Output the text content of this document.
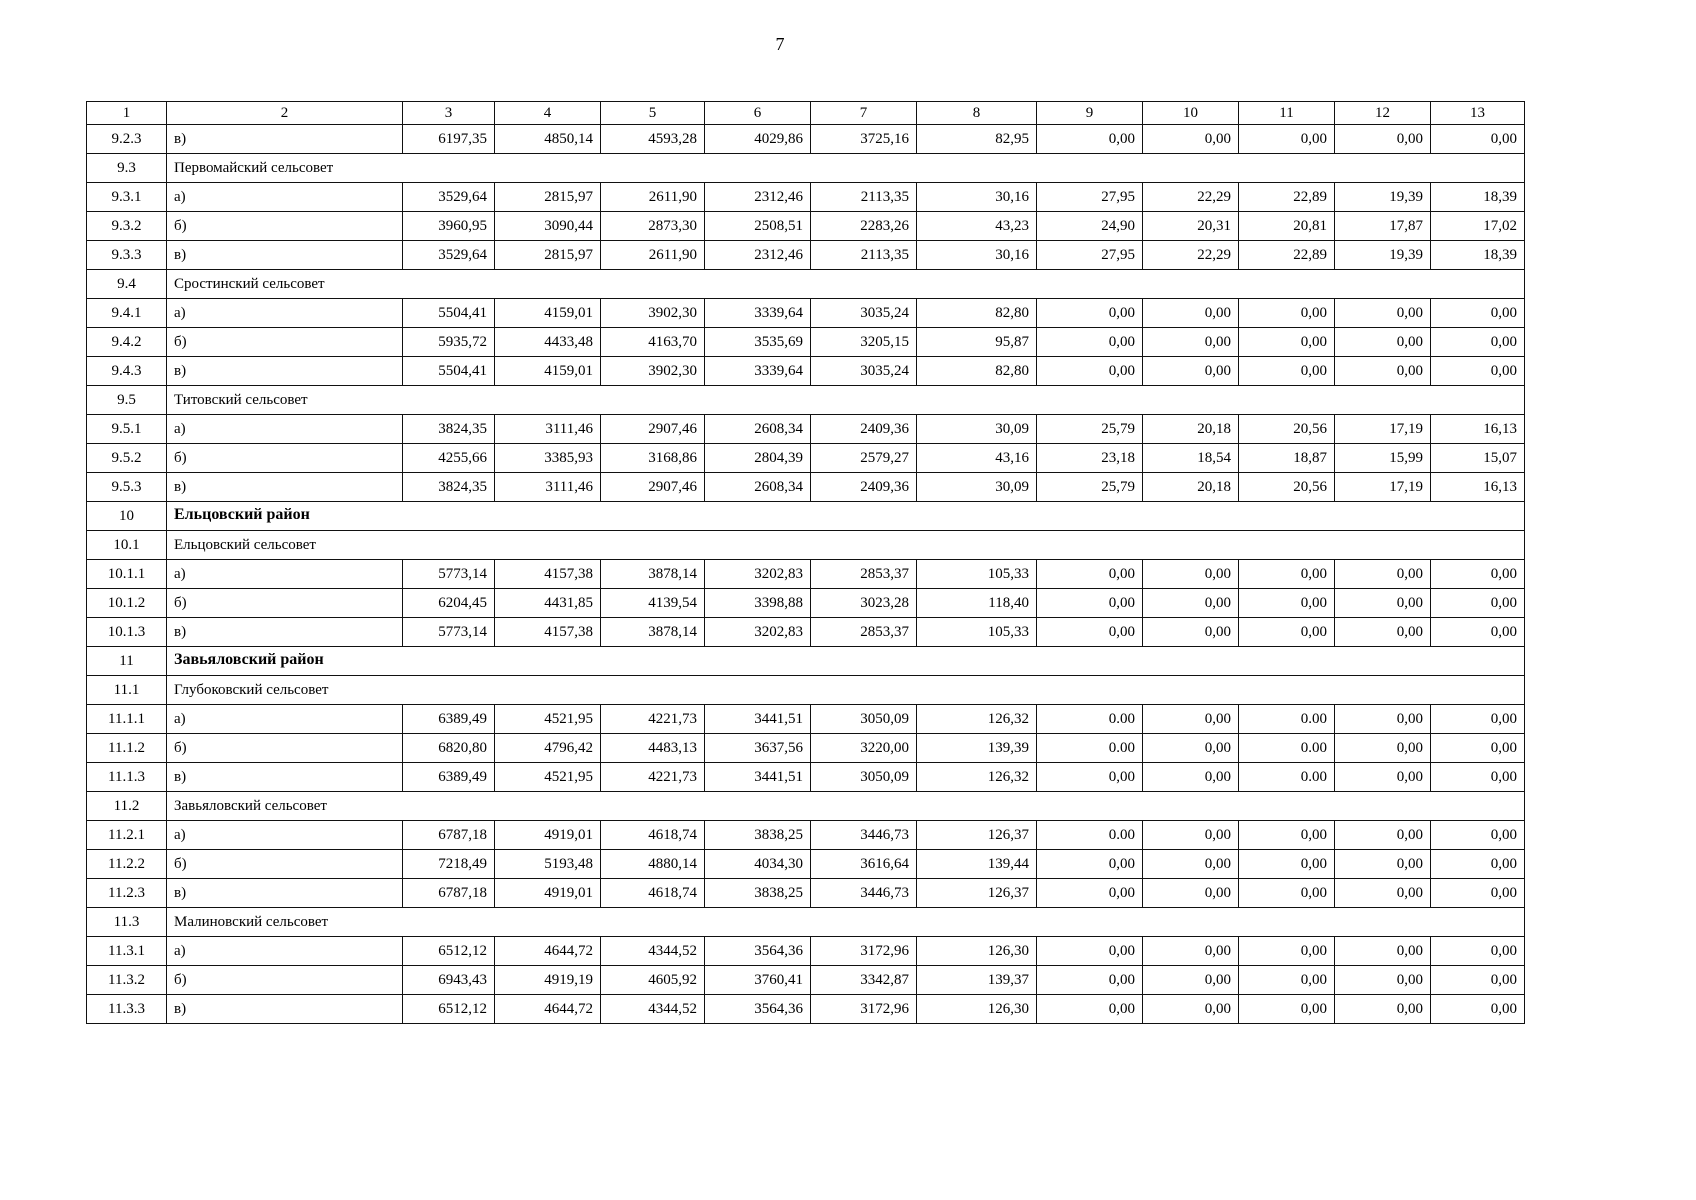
7
1	2	3	4	5	6	7	8	9	10	11	12	13
9.2.3	в)	6197,35	4850,14	4593,28	4029,86	3725,16	82,95	0,00	0,00	0,00	0,00	0,00
9.3	Первомайский сельсовет											
9.3.1	а)	3529,64	2815,97	2611,90	2312,46	2113,35	30,16	27,95	22,29	22,89	19,39	18,39
9.3.2	б)	3960,95	3090,44	2873,30	2508,51	2283,26	43,23	24,90	20,31	20,81	17,87	17,02
9.3.3	в)	3529,64	2815,97	2611,90	2312,46	2113,35	30,16	27,95	22,29	22,89	19,39	18,39
9.4	Сростинский сельсовет											
9.4.1	а)	5504,41	4159,01	3902,30	3339,64	3035,24	82,80	0,00	0,00	0,00	0,00	0,00
9.4.2	б)	5935,72	4433,48	4163,70	3535,69	3205,15	95,87	0,00	0,00	0,00	0,00	0,00
9.4.3	в)	5504,41	4159,01	3902,30	3339,64	3035,24	82,80	0,00	0,00	0,00	0,00	0,00
9.5	Титовский сельсовет											
9.5.1	а)	3824,35	3111,46	2907,46	2608,34	2409,36	30,09	25,79	20,18	20,56	17,19	16,13
9.5.2	б)	4255,66	3385,93	3168,86	2804,39	2579,27	43,16	23,18	18,54	18,87	15,99	15,07
9.5.3	в)	3824,35	3111,46	2907,46	2608,34	2409,36	30,09	25,79	20,18	20,56	17,19	16,13
10	Ельцовский район											
10.1	Ельцовский сельсовет											
10.1.1	а)	5773,14	4157,38	3878,14	3202,83	2853,37	105,33	0,00	0,00	0,00	0,00	0,00
10.1.2	б)	6204,45	4431,85	4139,54	3398,88	3023,28	118,40	0,00	0,00	0,00	0,00	0,00
10.1.3	в)	5773,14	4157,38	3878,14	3202,83	2853,37	105,33	0,00	0,00	0,00	0,00	0,00
11	Завьяловский район											
11.1	Глубоковский сельсовет											
11.1.1	а)	6389,49	4521,95	4221,73	3441,51	3050,09	126,32	0.00	0,00	0.00	0,00	0,00
11.1.2	б)	6820,80	4796,42	4483,13	3637,56	3220,00	139,39	0.00	0,00	0.00	0,00	0,00
11.1.3	в)	6389,49	4521,95	4221,73	3441,51	3050,09	126,32	0,00	0,00	0.00	0,00	0,00
11.2	Завьяловский сельсовет											
11.2.1	а)	6787,18	4919,01	4618,74	3838,25	3446,73	126,37	0.00	0,00	0,00	0,00	0,00
11.2.2	б)	7218,49	5193,48	4880,14	4034,30	3616,64	139,44	0,00	0,00	0,00	0,00	0,00
11.2.3	в)	6787,18	4919,01	4618,74	3838,25	3446,73	126,37	0,00	0,00	0,00	0,00	0,00
11.3	Малиновский сельсовет											
11.3.1	а)	6512,12	4644,72	4344,52	3564,36	3172,96	126,30	0,00	0,00	0,00	0,00	0,00
11.3.2	б)	6943,43	4919,19	4605,92	3760,41	3342,87	139,37	0,00	0,00	0,00	0,00	0,00
11.3.3	в)	6512,12	4644,72	4344,52	3564,36	3172,96	126,30	0,00	0,00	0,00	0,00	0,00
